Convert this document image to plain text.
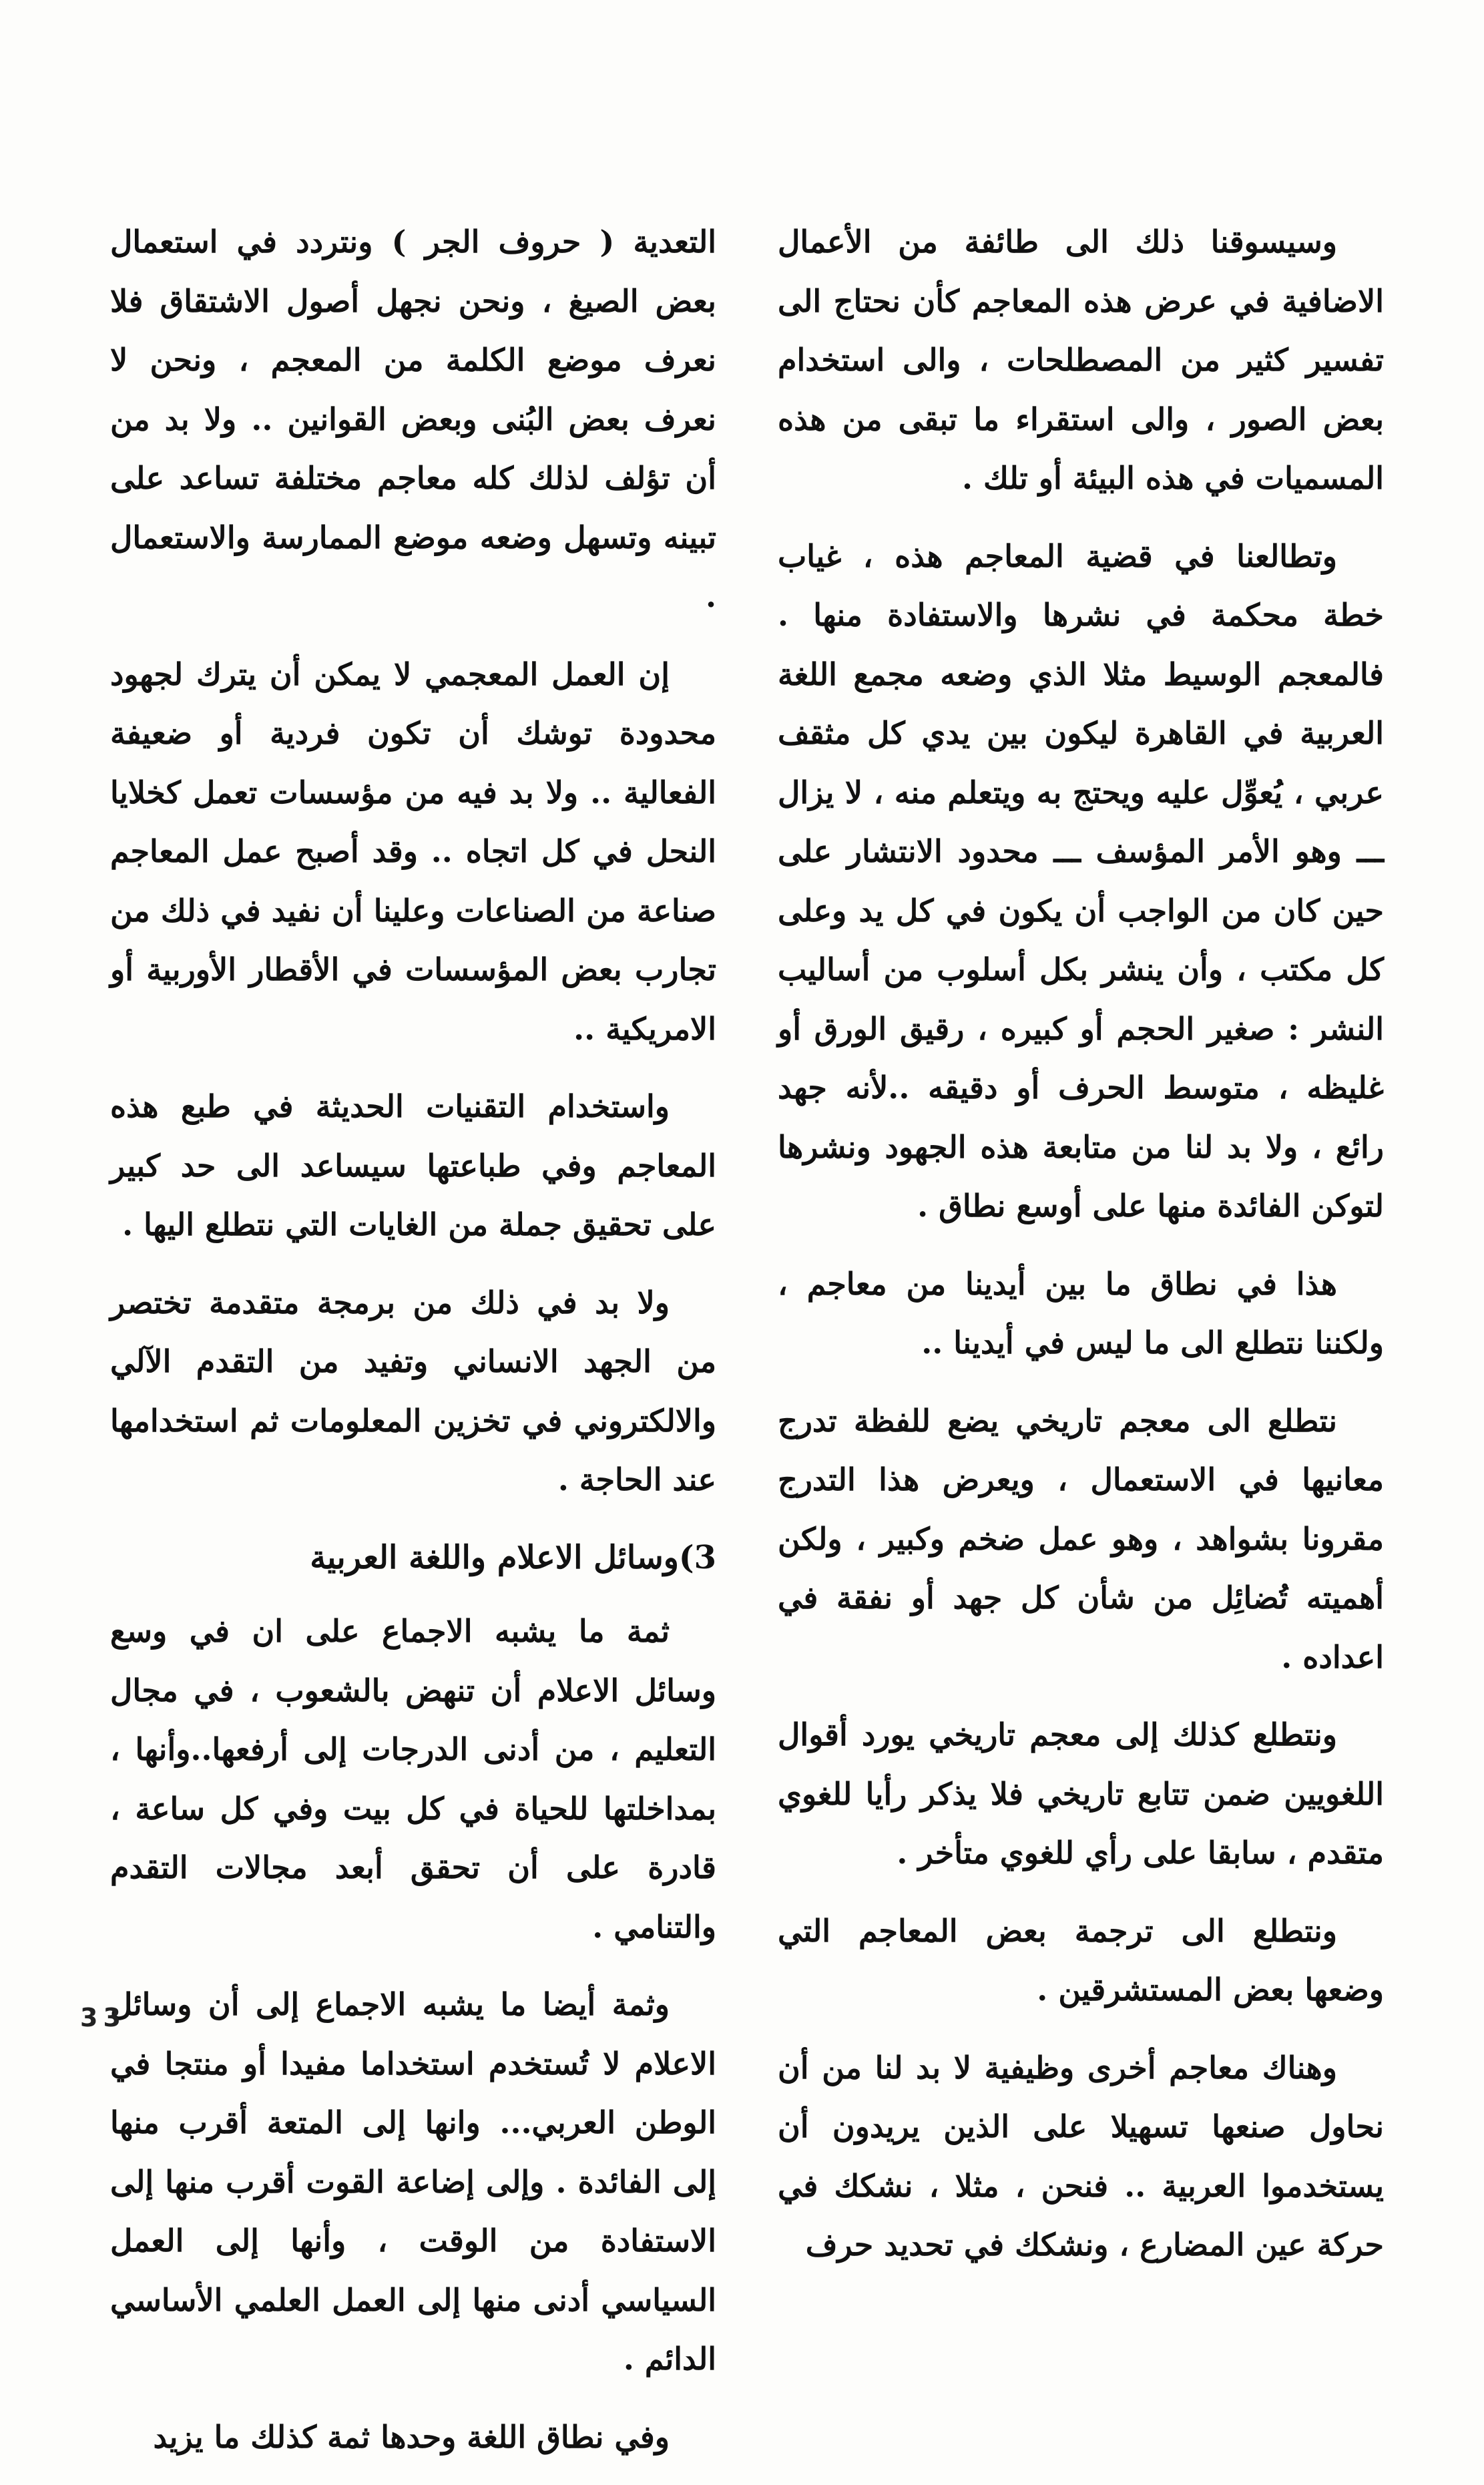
وسيسوقنا ذلك الى طائفة من الأعمال الاضافية في عرض هذه المعاجم كأن نحتاج الى تفسير كثير من المصطلحات ، والى استخدام بعض الصور ، والى استقراء ما تبقى من هذه المسميات في هذه البيئة أو تلك .

وتطالعنا في قضية المعاجم هذه ، غياب خطة محكمة في نشرها والاستفادة منها . فالمعجم الوسيط مثلا الذي وضعه مجمع اللغة العربية في القاهرة ليكون بين يدي كل مثقف عربي ، يُعوِّل عليه ويحتج به ويتعلم منه ، لا يزال ـــ وهو الأمر المؤسف ـــ محدود الانتشار على حين كان من الواجب أن يكون في كل يد وعلى كل مكتب ، وأن ينشر بكل أسلوب من أساليب النشر : صغير الحجم أو كبيره ، رقيق الورق أو غليظه ، متوسط الحرف أو دقيقه ..لأنه جهد رائع ، ولا بد لنا من متابعة هذه الجهود ونشرها لتوكن الفائدة منها على أوسع نطاق .

هذا في نطاق ما بين أيدينا من معاجم ، ولكننا نتطلع الى ما ليس في أيدينا ..

نتطلع الى معجم تاريخي يضع للفظة تدرج معانيها في الاستعمال ، ويعرض هذا التدرج مقرونا بشواهد ، وهو عمل ضخم وكبير ، ولكن أهميته تُضائِل من شأن كل جهد أو نفقة في اعداده .

ونتطلع كذلك إلى معجم تاريخي يورد أقوال اللغويين ضمن تتابع تاريخي فلا يذكر رأيا للغوي متقدم ، سابقا على رأي للغوي متأخر .

ونتطلع الى ترجمة بعض المعاجم التي وضعها بعض المستشرقين .

وهناك معاجم أخرى وظيفية لا بد لنا من أن نحاول صنعها تسهيلا على الذين يريدون أن يستخدموا العربية .. فنحن ، مثلا ، نشكك في حركة عين المضارع ، ونشكك في تحديد حرف

التعدية ( حروف الجر ) ونتردد في استعمال بعض الصيغ ، ونحن نجهل أصول الاشتقاق فلا نعرف موضع الكلمة من المعجم ، ونحن لا نعرف بعض البُنى وبعض القوانين .. ولا بد من أن تؤلف لذلك كله معاجم مختلفة تساعد على تبينه وتسهل وضعه موضع الممارسة والاستعمال .

إن العمل المعجمي لا يمكن أن يترك لجهود محدودة توشك أن تكون فردية أو ضعيفة الفعالية .. ولا بد فيه من مؤسسات تعمل كخلايا النحل في كل اتجاه .. وقد أصبح عمل المعاجم صناعة من الصناعات وعلينا أن نفيد في ذلك من تجارب بعض المؤسسات في الأقطار الأوربية أو الامريكية ..

واستخدام التقنيات الحديثة في طبع هذه المعاجم وفي طباعتها سيساعد الى حد كبير على تحقيق جملة من الغايات التي نتطلع اليها .

ولا بد في ذلك من برمجة متقدمة تختصر من الجهد الانساني وتفيد من التقدم الآلي والالكتروني في تخزين المعلومات ثم استخدامها عند الحاجة .

3)وسائل الاعلام واللغة العربية

ثمة ما يشبه الاجماع على ان في وسع وسائل الاعلام أن تنهض بالشعوب ، في مجال التعليم ، من أدنى الدرجات إلى أرفعها..وأنها ، بمداخلتها للحياة في كل بيت وفي كل ساعة ، قادرة على أن تحقق أبعد مجالات التقدم والتنامي .

وثمة أيضا ما يشبه الاجماع إلى أن وسائل الاعلام لا تُستخدم استخداما مفيدا أو منتجا في الوطن العربي... وانها إلى المتعة أقرب منها إلى الفائدة . وإلى إضاعة القوت أقرب منها إلى الاستفادة من الوقت ، وأنها إلى العمل السياسي أدنى منها إلى العمل العلمي الأساسي الدائم .

وفي نطاق اللغة وحدها ثمة كذلك ما يزيد

33
